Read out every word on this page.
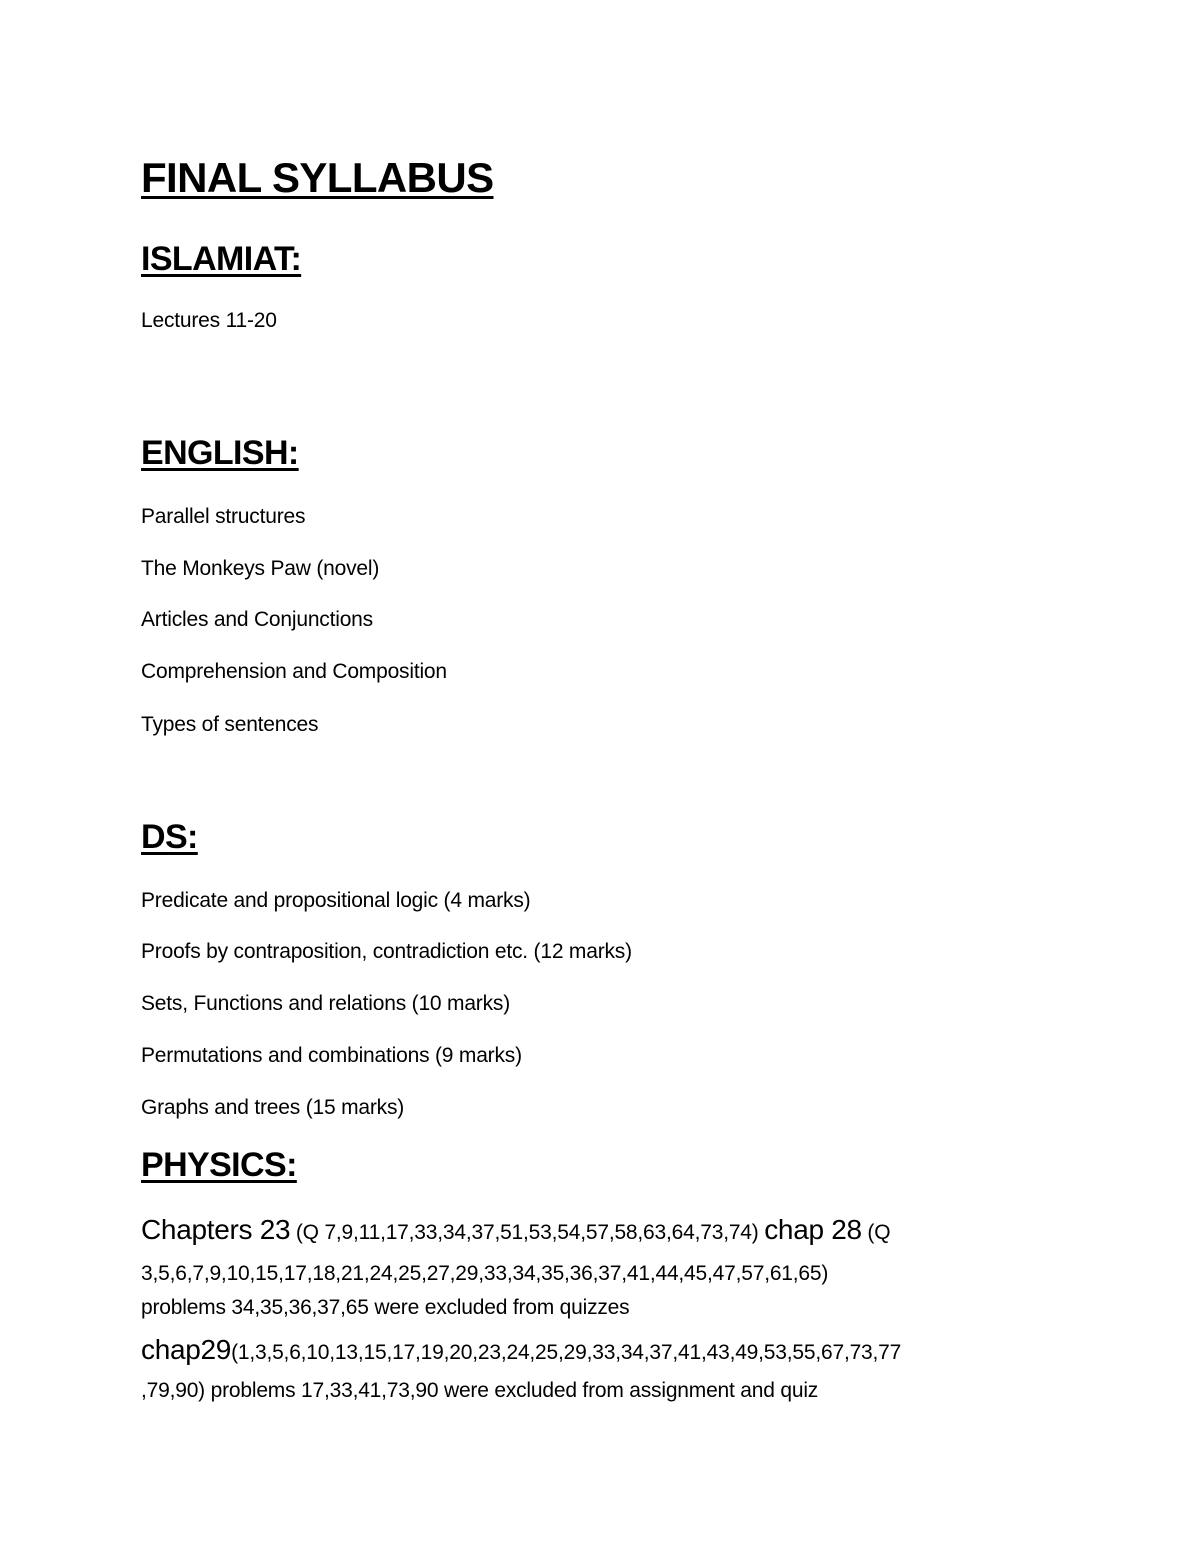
FINAL SYLLABUS
ISLAMIAT:

Lectures 11-20

ENGLISH:

Parallel structures

The Monkeys Paw (novel)

Articles and Conjunctions

Comprehension and Composition

Types of sentences

DS:

Predicate and propositional logic (4 marks)

Proofs by contraposition, contradiction etc. (12 marks)

Sets, Functions and relations (10 marks)

Permutations and combinations (9 marks)

Graphs and trees (15 marks)

PHYSICS:

Chapters 23 (Q 7,9,11,17,33,34,37,51,53,54,57,58,63,64,73,74) chap 28 (Q

3,5,6,7,9,10,15,17,18,21,24,25,27,29,33,34,35,36,37,41,44,45,47,57,61,65)

problems 34,35,36,37,65 were excluded from quizzes

chap29(1,3,5,6,10,13,15,17,19,20,23,24,25,29,33,34,37,41,43,49,53,55,67,73,77

,79,90) problems 17,33,41,73,90 were excluded from assignment and quiz
